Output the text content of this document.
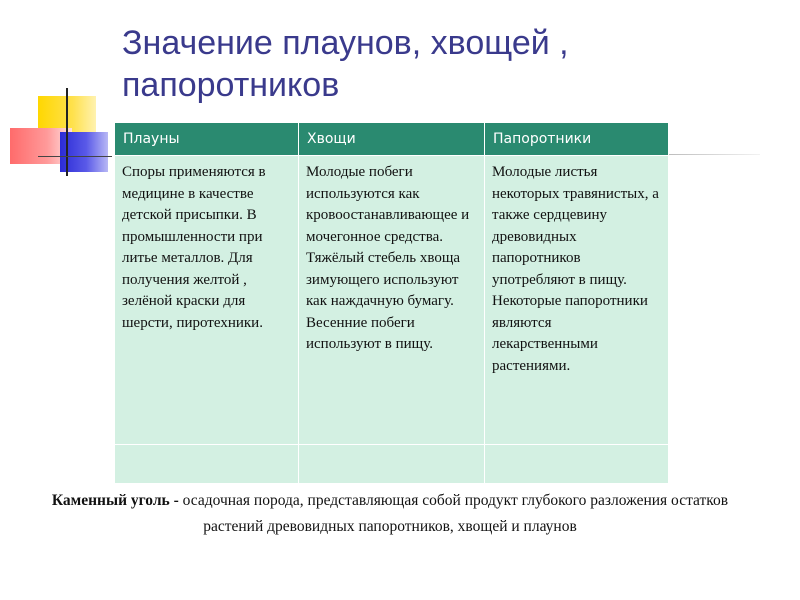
Значение плаунов, хвощей , папоротников
Плауны	Хвощи	Папоротники
Споры применяются в медицине в качестве детской присыпки. В промышленности при литье металлов. Для получения желтой , зелёной краски для шерсти, пиротехники.	Молодые побеги используются как кровоостанавливающее и мочегонное средства. Тяжёлый стебель хвоща зимующего используют как наждачную бумагу. Весенние побеги используют в пищу.	Молодые листья некоторых травянистых, а также сердцевину древовидных папоротников употребляют в пищу. Некоторые папоротники являются лекарственными растениями.

Каменный уголь - осадочная порода, представляющая собой продукт глубокого разложения остатков растений древовидных папоротников, хвощей и плаунов
